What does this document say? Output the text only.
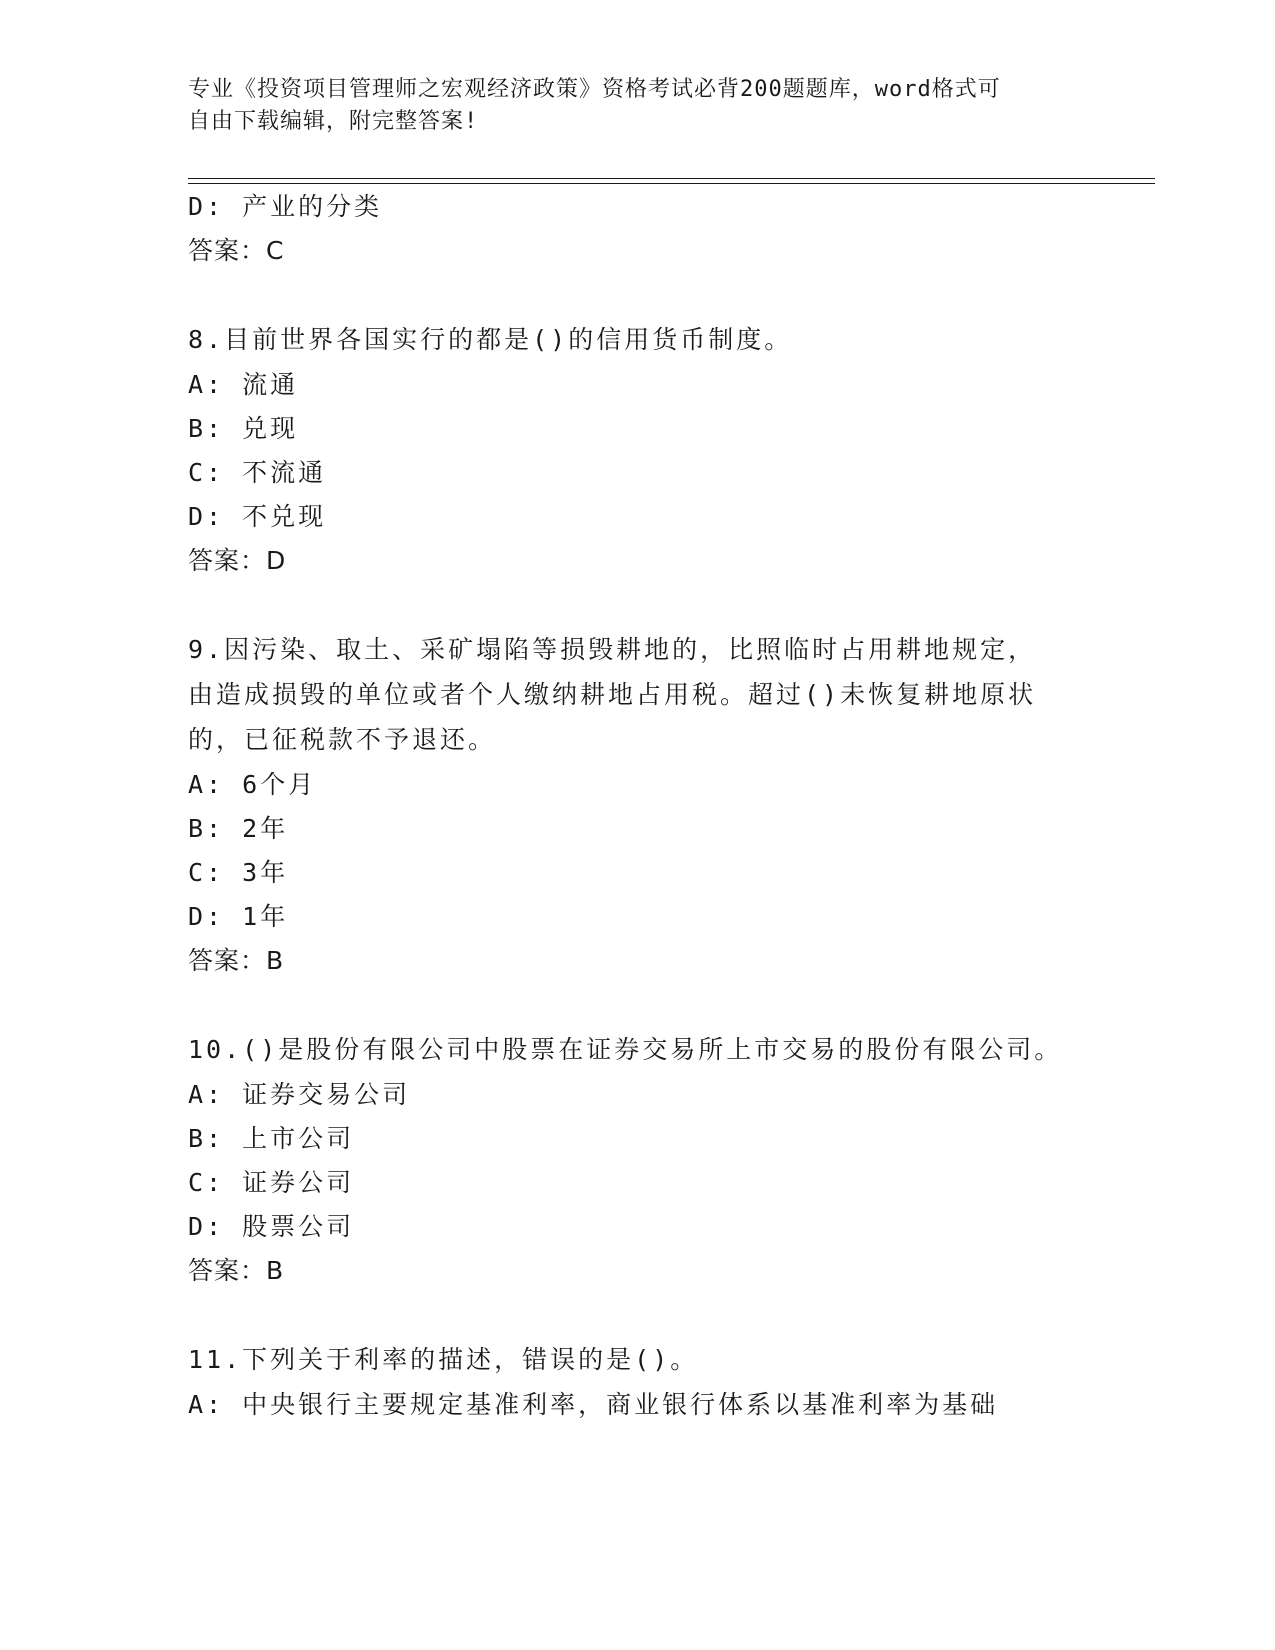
专业《投资项目管理师之宏观经济政策》资格考试必背200题题库，word格式可
自由下载编辑，附完整答案!
D: 产业的分类
答案：C
8.目前世界各国实行的都是()的信用货币制度。
A: 流通
B: 兑现
C: 不流通
D: 不兑现
答案：D
9.因污染、取土、采矿塌陷等损毁耕地的，比照临时占用耕地规定，
由造成损毁的单位或者个人缴纳耕地占用税。超过()未恢复耕地原状
的，已征税款不予退还。
A: 6个月
B: 2年
C: 3年
D: 1年
答案：B
10.()是股份有限公司中股票在证券交易所上市交易的股份有限公司。
A: 证券交易公司
B: 上市公司
C: 证券公司
D: 股票公司
答案：B
11.下列关于利率的描述，错误的是()。
A: 中央银行主要规定基准利率，商业银行体系以基准利率为基础
